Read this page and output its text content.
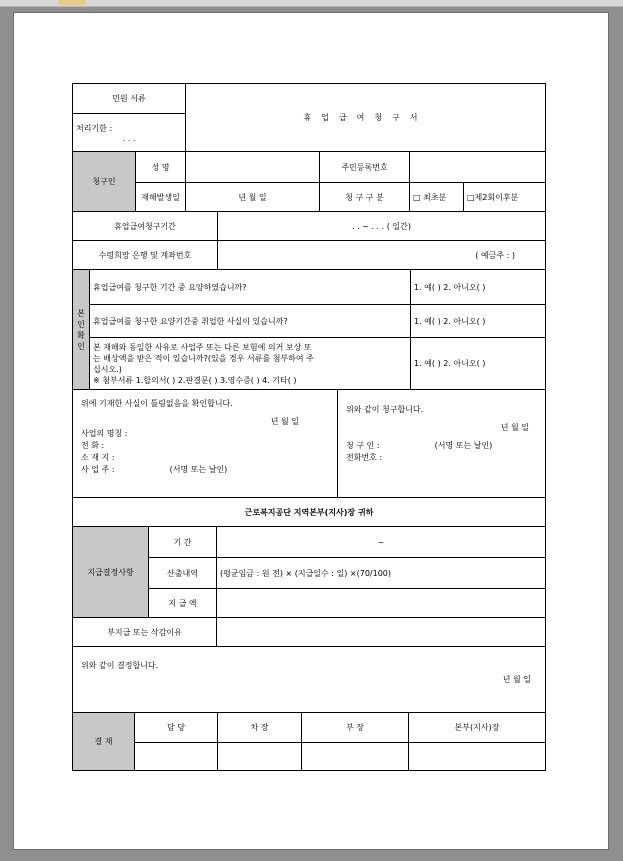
민원 서류	휴업급여청구서

처리기한 :
. . .
청구인	성 명		주민등록번호		
	재해발생일	년 월 일	청 구 구 분	□ 최초분	□제2회이후분
휴업급여청구기간	. . ~ . . . ( 일간)
수령희망 은행 및 계좌번호	( 예금주 : )
본인확인	휴업급여를 청구한 기간 중 요양하였습니까?	1. 예( ) 2. 아니오( )
	휴업급여를 청구한 요양기간중 취업한 사실이 있습니까?	1. 예( ) 2. 아니오( )

	본 재해와 동일한 사유로 사업주 또는 다른 보험에 의거 보상 또
는 배상액을 받은 적이 있습니까?(있을 경우 서류를 첨부하여 주
십시오.)
※ 첨부서류 1.합의서( ) 2.판결문( ) 3.영수증( ) 4. 기타( )	1. 예( ) 2. 아니오( )
위에 기재한 사실이 틀림없음을 확인합니다.
년 월 일
사업의 명칭 :
전 화 :
소 재 지 :
사 업 주 :	(서명 또는 날인)

위와 같이 청구합니다.
년 월 일
청 구 인 :	(서명 또는 날인)
전화번호 :

근로복지공단 지역본부(지사)장 귀하
지급결정사항	기 간	~
	산출내역	(평균임금 : 원 전) × (지급일수 : 일) ×(70/100)
	지 급 액	
부지급 또는 삭감이유	

위와 같이 결정합니다.
년 월 일
결 재	담 당	차 장	부 장	본부(지사)장
